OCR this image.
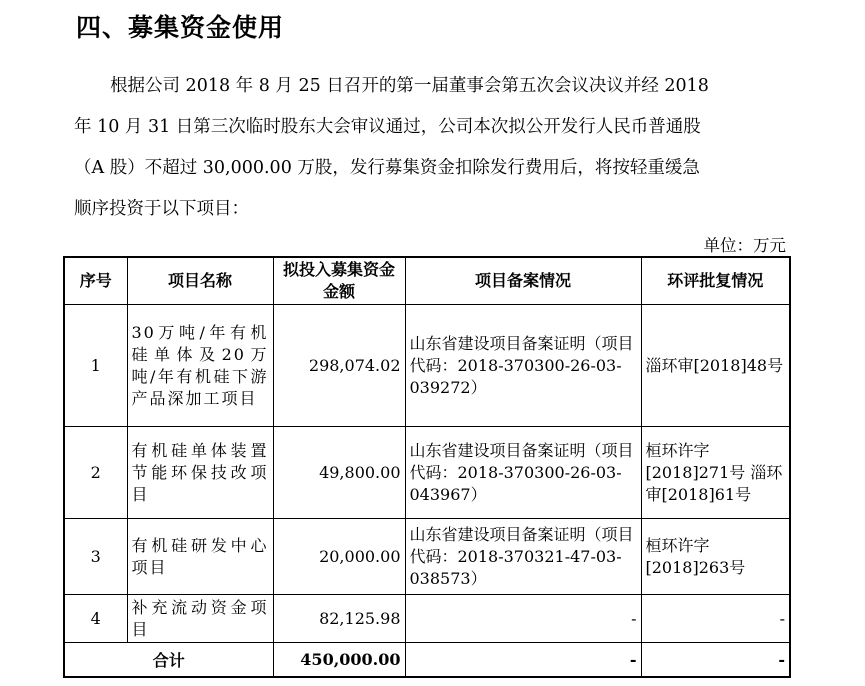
四、募集资金使用

根据公司 2018 年 8 月 25 日召开的第一届董事会第五次会议决议并经 2018
年 10 月 31 日第三次临时股东大会审议通过，公司本次拟公开发行人民币普通股
（A 股）不超过 30,000.00 万股，发行募集资金扣除发行费用后，将按轻重缓急
顺序投资于以下项目：

单位：万元
序号	项目名称	拟投入募集资金金额	项目备案情况	环评批复情况
1	30万吨/年有机硅单体及20万吨/年有机硅下游产品深加工项目	298,074.02	山东省建设项目备案证明（项目代码：2018-370300-26-03-039272）	淄环审[2018]48号
2	有机硅单体装置节能环保技改项目	49,800.00	山东省建设项目备案证明（项目代码：2018-370300-26-03-043967）	桓环许字[2018]271号 淄环审[2018]61号
3	有机硅研发中心项目	20,000.00	山东省建设项目备案证明（项目代码：2018-370321-47-03-038573）	桓环许字[2018]263号
4	补充流动资金项目	82,125.98	-	-
合计		450,000.00	-	-
